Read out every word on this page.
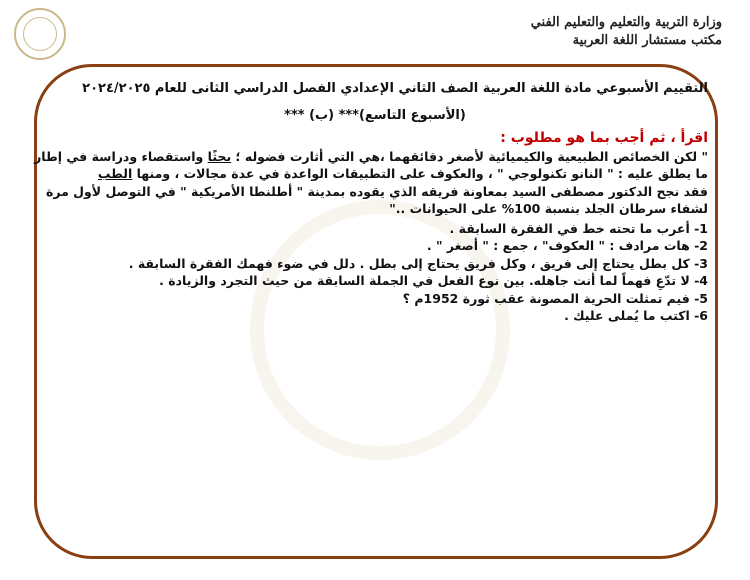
وزارة التربية والتعليم والتعليم الفني
مكتب مستشار اللغة العربية
التقييم الأسبوعي مادة اللغة العربية الصف الثاني الإعدادي الفصل الدراسي الثانى للعام ٢٠٢٤/٢٠٢٥
(الأسبوع التاسع)*** (ب) ***
اقرأ ، ثم أجب بما هو مطلوب :
" لكن الخصائص الطبيعية والكيميائية لأصغر دقائقهما ،هي التي أثارت فضوله ؛ بحثًا واستقصاء ودراسة في إطار
ما يطلق عليه : " النانو تكنولوجي " ، والعكوف على التطبيقات الواعدة في عدة مجالات ، ومنها الطب
فقد نجح الدكتور مصطفى السيد بمعاونة فريقه الذي يقوده بمدينة " أطلنطا الأمريكية " في التوصل لأول مرة
لشفاء سرطان الجلد بنسبة 100% على الحيوانات .."
1- أعرب ما تحته خط في الفقرة السابقة .
2- هات مرادف : " العكوف" ، جمع : " أصغر " .
3- كل بطل يحتاج إلى فريق ، وكل فريق يحتاج إلى بطل . دلل في ضوء فهمك الفقرة السابقة .
4- لا تدّعِ فهماً لما أنت جاهله. بين نوع الفعل في الجملة السابقة من حيث التجرد والزيادة .
5- فيم تمثلت الحرية المصونة عقب ثورة 1952م ؟
6- اكتب ما يُملى عليك .
